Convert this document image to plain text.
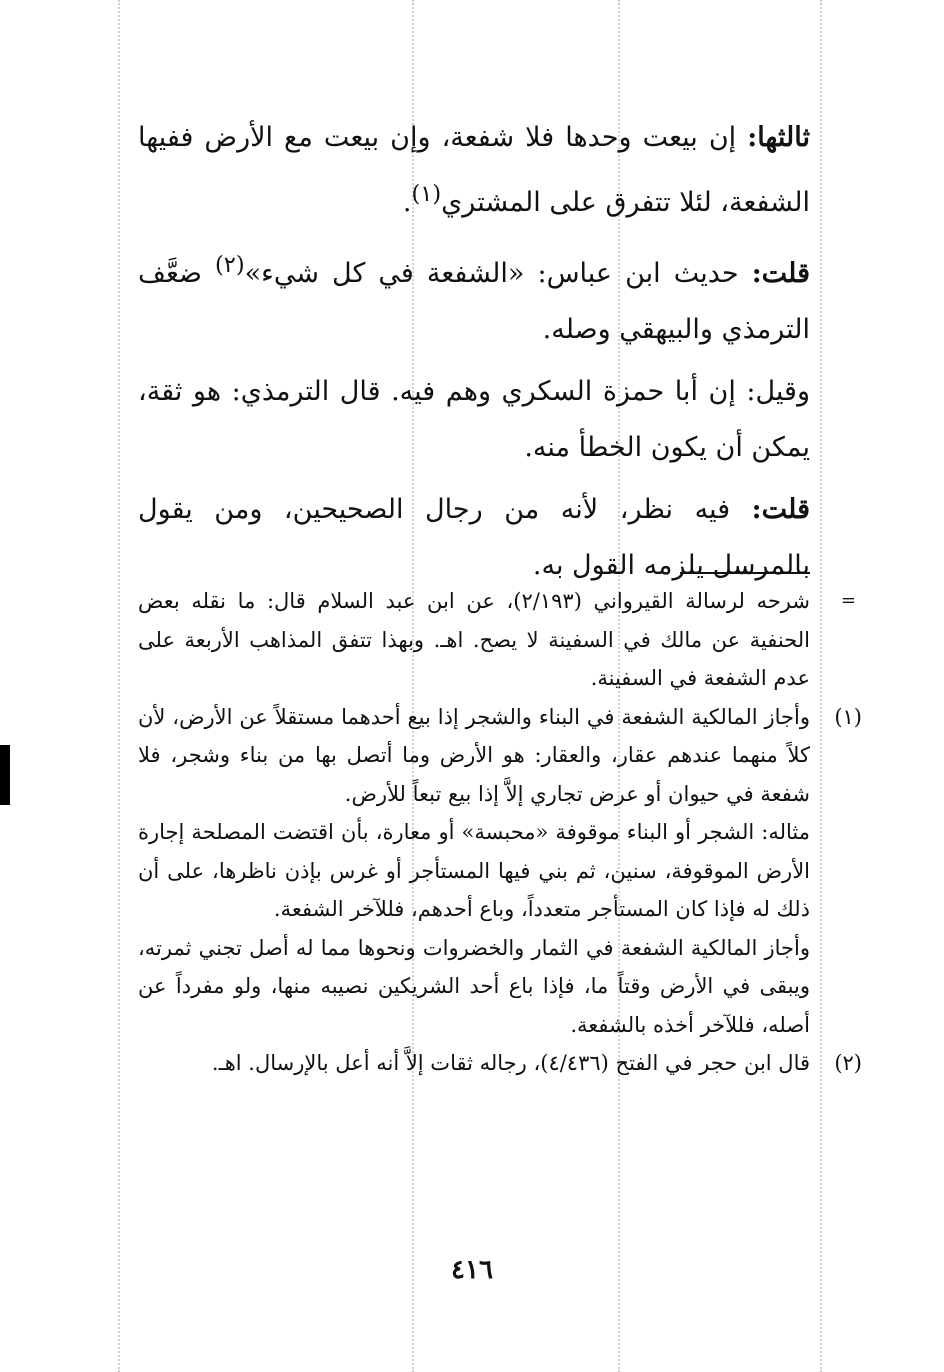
ثالثها: إن بيعت وحدها فلا شفعة، وإن بيعت مع الأرض ففيها الشفعة، لئلا تتفرق على المشتري$^{(١)}$.

قلت: حديث ابن عباس: «الشفعة في كل شيء»$^{(٢)}$ ضعَّف الترمذي والبيهقي وصله.

وقيل: إن أبا حمزة السكري وهم فيه. قال الترمذي: هو ثقة، يمكن أن يكون الخطأ منه.

قلت: فيه نظر، لأنه من رجال الصحيحين، ومن يقول بالمرسل يلزمه القول به.

=

شرحه لرسالة القيرواني (٢/١٩٣)، عن ابن عبد السلام قال: ما نقله بعض الحنفية عن مالك في السفينة لا يصح. اهـ. وبهذا تتفق المذاهب الأربعة على عدم الشفعة في السفينة.

(١)

وأجاز المالكية الشفعة في البناء والشجر إذا بيع أحدهما مستقلاً عن الأرض، لأن كلاً منهما عندهم عقار، والعقار: هو الأرض وما أتصل بها من بناء وشجر، فلا شفعة في حيوان أو عرض تجاري إلاَّ إذا بيع تبعاً للأرض.

مثاله: الشجر أو البناء موقوفة «محبسة» أو معارة، بأن اقتضت المصلحة إجارة الأرض الموقوفة، سنين، ثم بني فيها المستأجر أو غرس بإذن ناظرها، على أن ذلك له فإذا كان المستأجر متعدداً، وباع أحدهم، فللآخر الشفعة.

وأجاز المالكية الشفعة في الثمار والخضروات ونحوها مما له أصل تجني ثمرته، ويبقى في الأرض وقتاً ما، فإذا باع أحد الشريكين نصيبه منها، ولو مفرداً عن أصله، فللآخر أخذه بالشفعة.

(٢)

قال ابن حجر في الفتح (٤/٤٣٦)، رجاله ثقات إلاَّ أنه أعل بالإرسال. اهـ.

٤١٦
